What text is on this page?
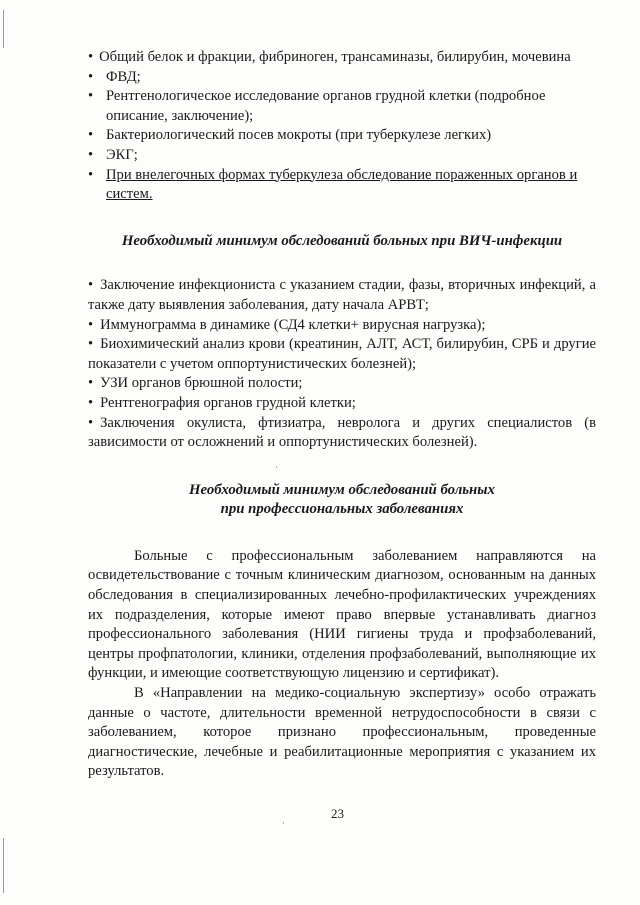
• Общий белок и фракции, фибриноген, трансаминазы, билирубин, мочевина
• ФВД;
• Рентгенологическое исследование органов грудной клетки (подробное описание, заключение);
• Бактериологический посев мокроты (при туберкулезе легких)
• ЭКГ;
• При внелегочных формах туберкулеза обследование пораженных органов и систем.
Необходимый минимум обследований больных при ВИЧ-инфекции
• Заключение инфекциониста с указанием стадии, фазы, вторичных инфекций, а также дату выявления заболевания, дату начала АРВТ;
• Иммунограмма в динамике (СД4 клетки+ вирусная нагрузка);
• Биохимический анализ крови (креатинин, АЛТ, АСТ, билирубин, СРБ и другие показатели с учетом оппортунистических болезней);
• УЗИ органов брюшной полости;
• Рентгенография органов грудной клетки;
• Заключения окулиста, фтизиатра, невролога и других специалистов (в зависимости от осложнений и оппортунистических болезней).
Необходимый минимум обследований больных
при профессиональных заболеваниях

Больные с профессиональным заболеванием направляются на освидетельствование с точным клиническим диагнозом, основанным на данных обследования в специализированных лечебно-профилактических учреждениях их подразделения, которые имеют право впервые устанавливать диагноз профессионального заболевания (НИИ гигиены труда и профзаболеваний, центры профпатологии, клиники, отделения профзаболеваний, выполняющие их функции, и имеющие соответствующую лицензию и сертификат).

В «Направлении на медико-социальную экспертизу» особо отражать данные о частоте, длительности временной нетрудоспособности в связи с заболеванием, которое признано профессиональным, проведенные диагностические, лечебные и реабилитационные мероприятия с указанием их результатов.

·
·
23
